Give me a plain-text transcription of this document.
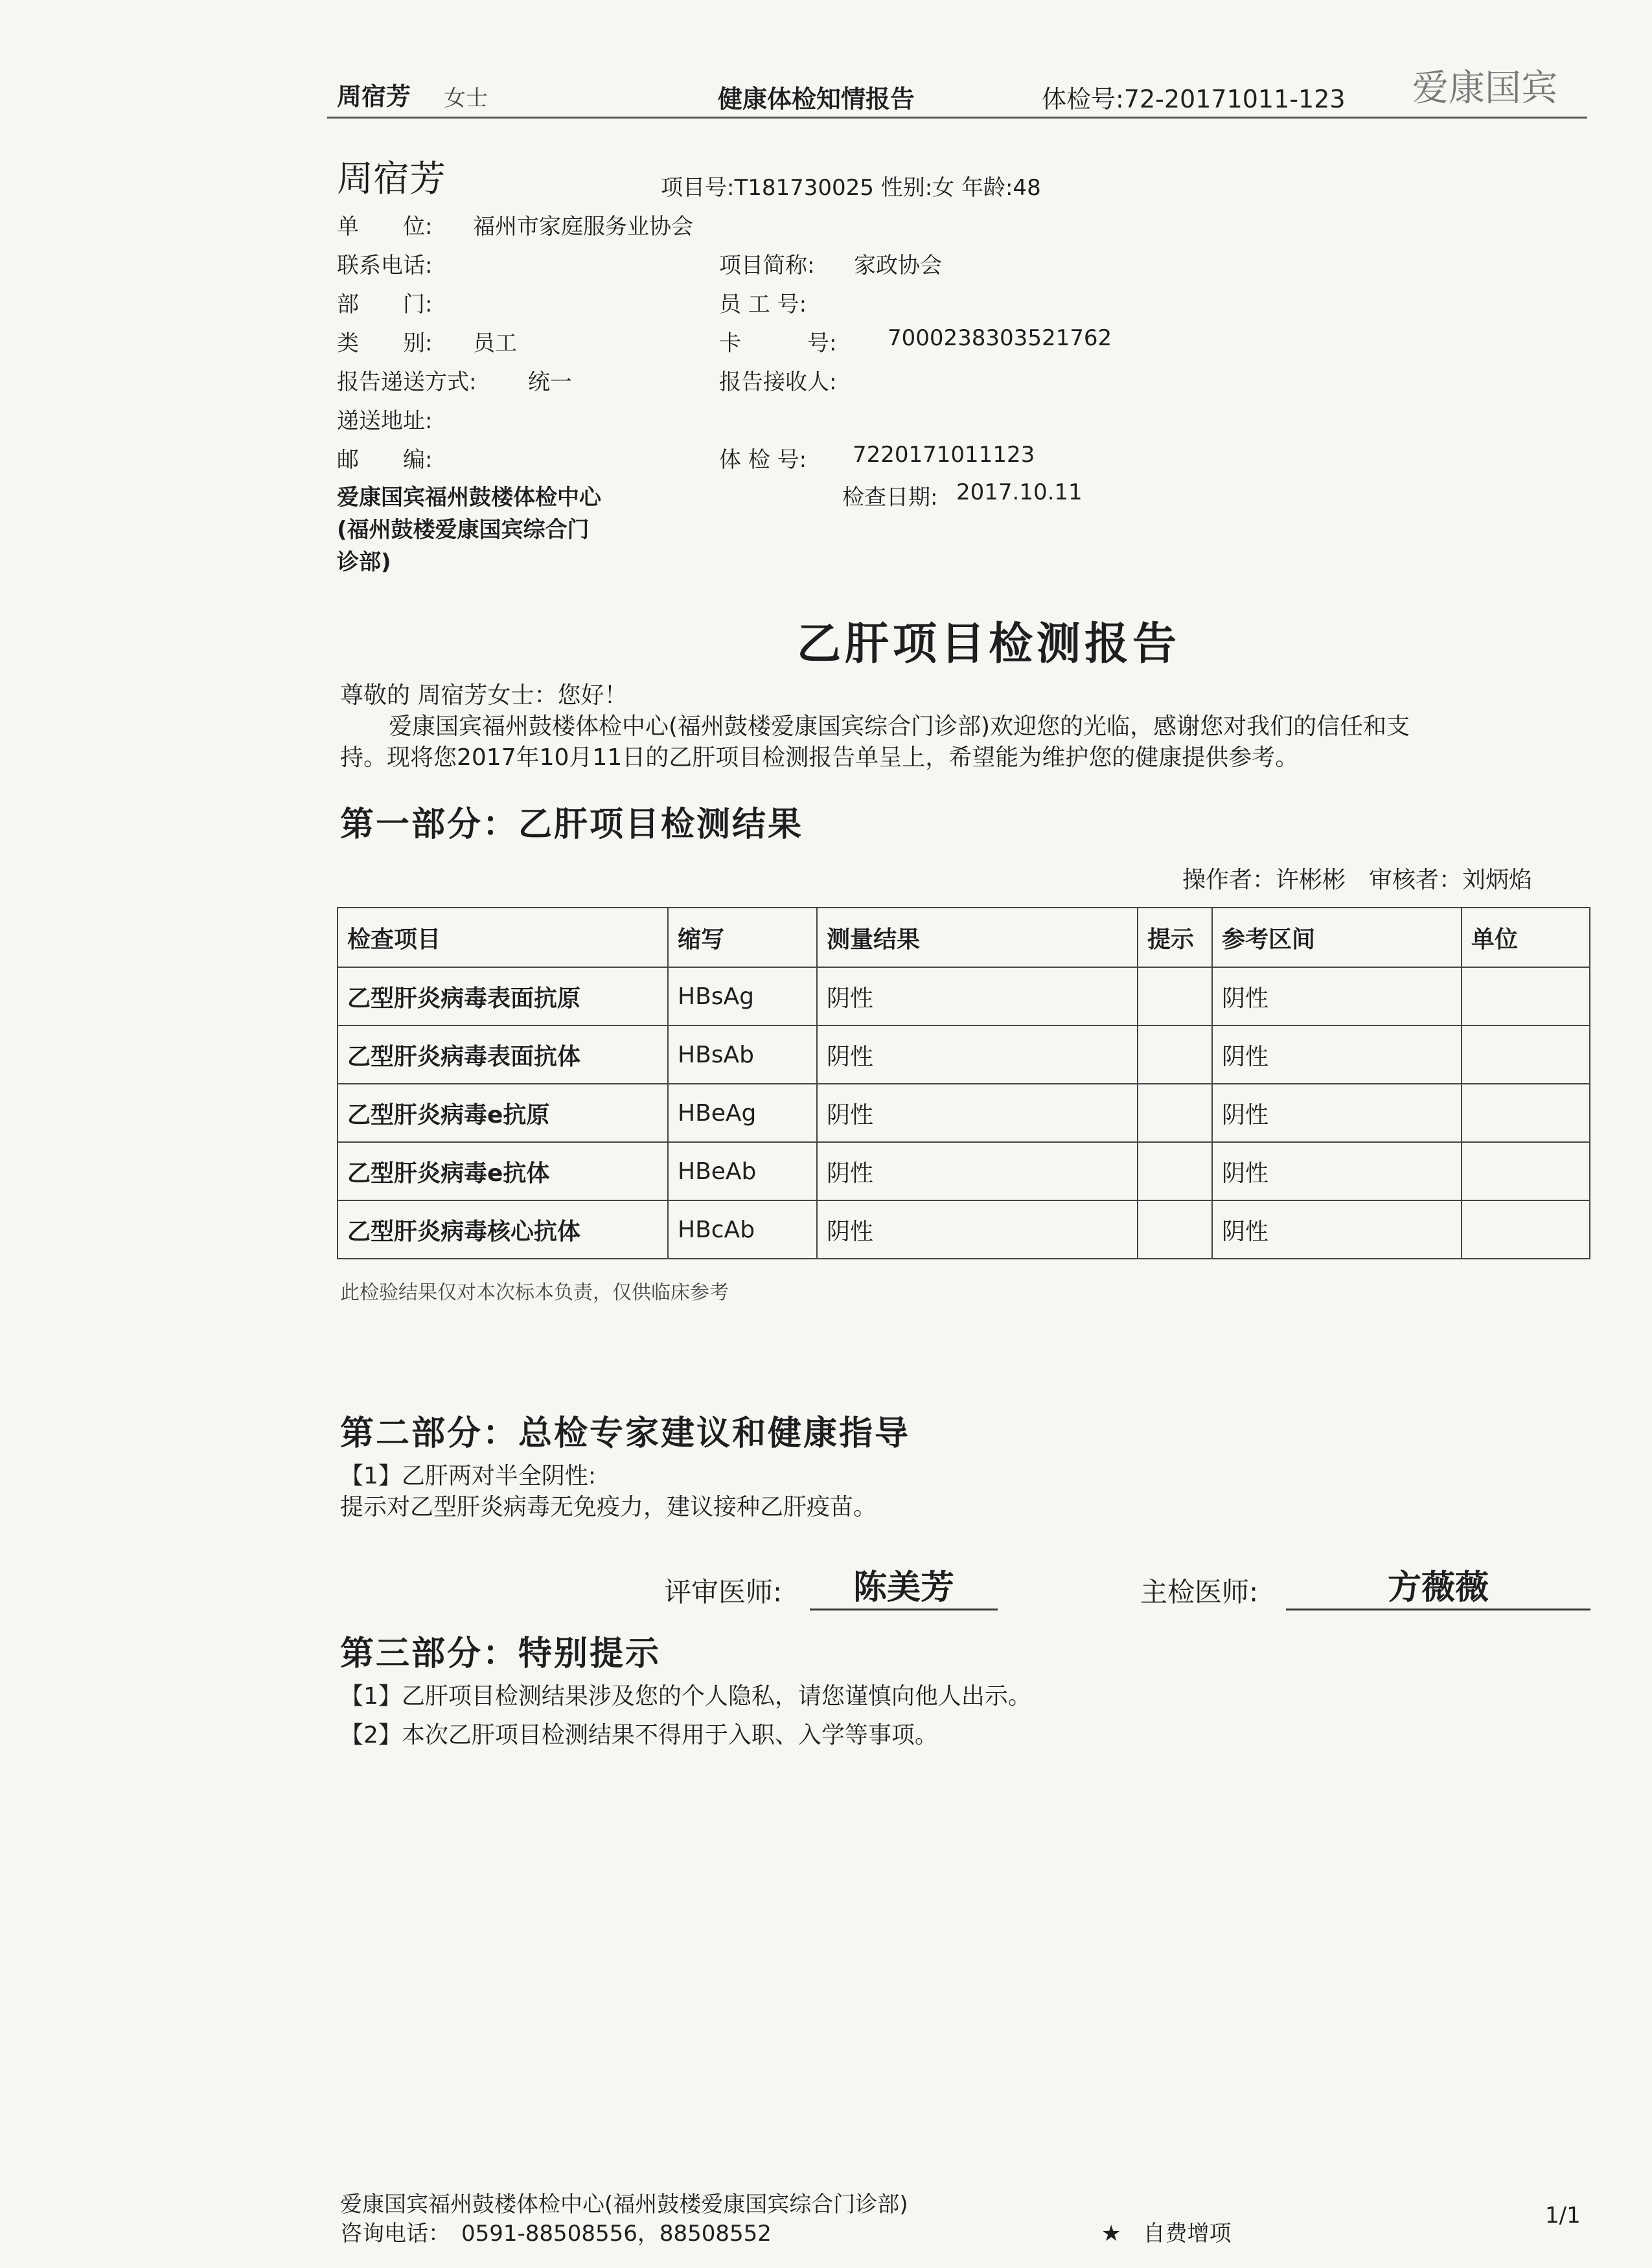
周宿芳 女士	健康体检知情报告	体检号:72-20171011-123 爱康国宾
周宿芳	项目号:T181730025 性别:女 年龄:48
单　　位: 福州市家庭服务业协会
联系电话:	项目简称: 家政协会
部　　门:	员 工 号:
类　　别: 员工	卡　　　号: 7000238303521762
报告递送方式: 统一	报告接收人:
递送地址:
邮　　编:	体 检 号: 7220171011123
爱康国宾福州鼓楼体检中心	检查日期: 2017.10.11
(福州鼓楼爱康国宾综合门
诊部)
乙肝项目检测报告
尊敬的 周宿芳女士：您好！
爱康国宾福州鼓楼体检中心(福州鼓楼爱康国宾综合门诊部)欢迎您的光临，感谢您对我们的信任和支
持。现将您2017年10月11日的乙肝项目检测报告单呈上，希望能为维护您的健康提供参考。
第一部分：乙肝项目检测结果
操作者：许彬彬　审核者：刘炳焰
检查项目	缩写	测量结果	提示	参考区间	单位
乙型肝炎病毒表面抗原	HBsAg	阴性		阴性	
乙型肝炎病毒表面抗体	HBsAb	阴性		阴性	
乙型肝炎病毒e抗原	HBeAg	阴性		阴性	
乙型肝炎病毒e抗体	HBeAb	阴性		阴性	
乙型肝炎病毒核心抗体	HBcAb	阴性		阴性	
此检验结果仅对本次标本负责，仅供临床参考
第二部分：总检专家建议和健康指导
【1】乙肝两对半全阴性:
提示对乙型肝炎病毒无免疫力，建议接种乙肝疫苗。
评审医师:	陈美芳	主检医师:	方薇薇
第三部分：特别提示
【1】乙肝项目检测结果涉及您的个人隐私，请您谨慎向他人出示。
【2】本次乙肝项目检测结果不得用于入职、入学等事项。
爱康国宾福州鼓楼体检中心(福州鼓楼爱康国宾综合门诊部)
咨询电话：　0591-88508556，88508552	★　自费增项
1/1
